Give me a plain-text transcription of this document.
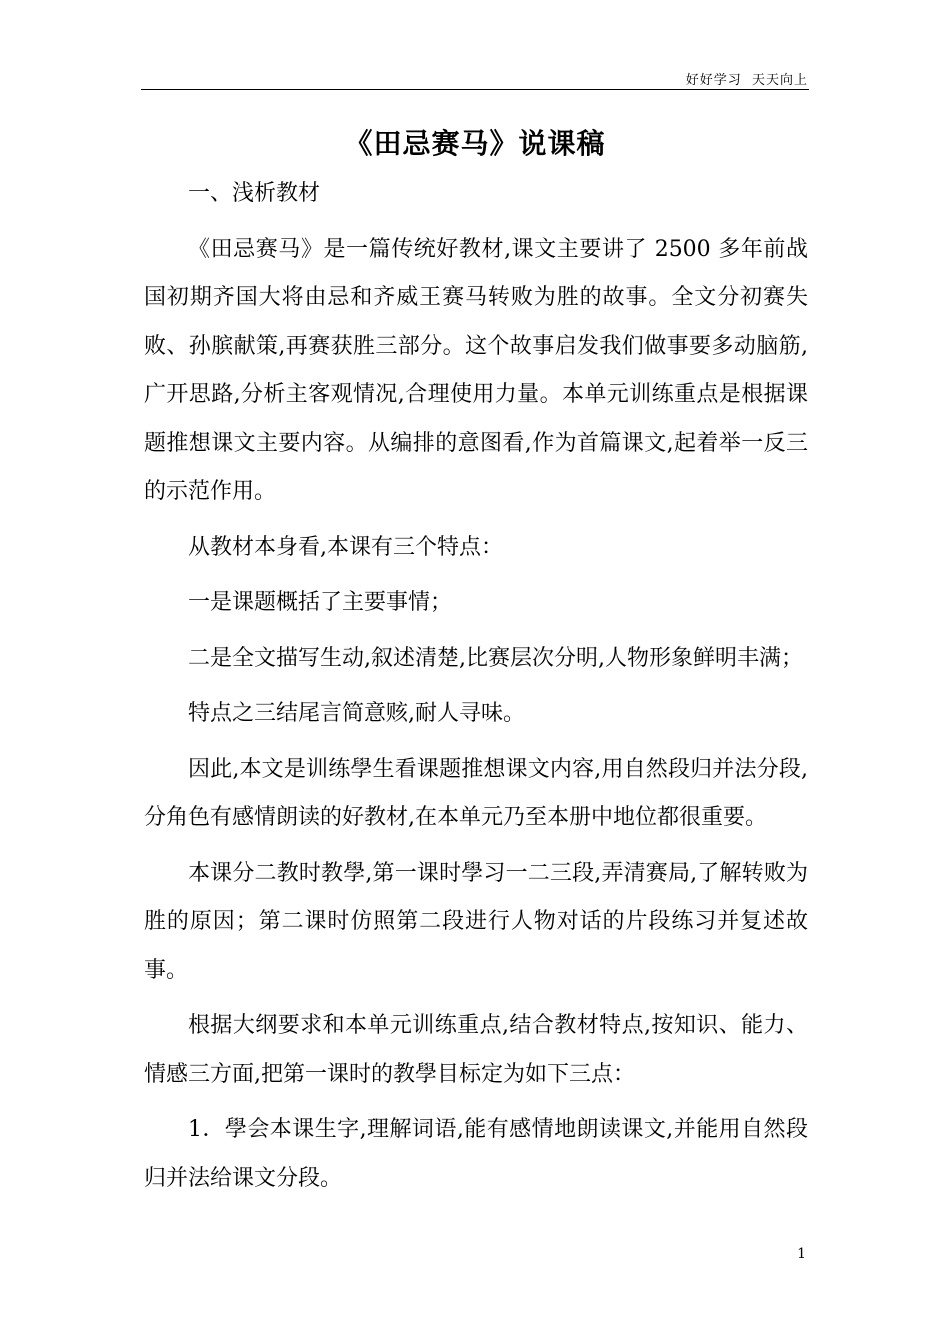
好好学习  天天向上
《田忌赛马》说课稿

一、浅析教材

《田忌赛马》是一篇传统好教材,课文主要讲了 2500 多年前战国初期齐国大将由忌和齐威王赛马转败为胜的故事。全文分初赛失败、孙膑献策,再赛获胜三部分。这个故事启发我们做事要多动脑筋,广开思路,分析主客观情况,合理使用力量。本单元训练重点是根据课题推想课文主要内容。从编排的意图看,作为首篇课文,起着举一反三的示范作用。

从教材本身看,本课有三个特点：

一是课题概括了主要事情；

二是全文描写生动,叙述清楚,比赛层次分明,人物形象鲜明丰满；

特点之三结尾言简意赅,耐人寻味。

因此,本文是训练學生看课题推想课文内容,用自然段归并法分段,分角色有感情朗读的好教材,在本单元乃至本册中地位都很重要。

本课分二教时教學,第一课时學习一二三段,弄清赛局,了解转败为胜的原因；第二课时仿照第二段进行人物对话的片段练习并复述故事。

根据大纲要求和本单元训练重点,结合教材特点,按知识、能力、情感三方面,把第一课时的教學目标定为如下三点：

1．學会本课生字,理解词语,能有感情地朗读课文,并能用自然段归并法给课文分段。

1
